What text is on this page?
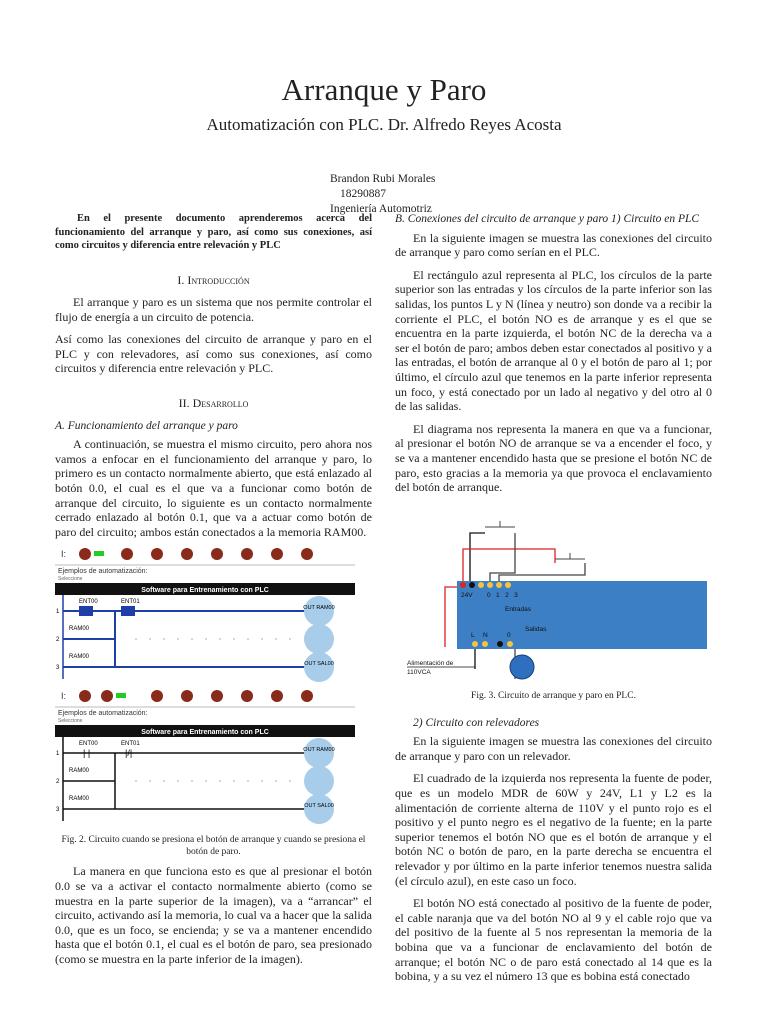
Arranque y Paro
Automatización con PLC. Dr. Alfredo Reyes Acosta
Brandon Rubi Morales
18290887
Ingeniería Automotriz

En el presente documento aprenderemos acerca del funcionamiento del arranque y paro, así como sus conexiones, así como circuitos y diferencia entre relevación y PLC

I. Introducción

El arranque y paro es un sistema que nos permite controlar el flujo de energía a un circuito de potencia.

Así como las conexiones del circuito de arranque y paro en el PLC y con relevadores, así como sus conexiones, así como circuitos y diferencia entre relevación y PLC.

II. Desarrollo
A. Funcionamiento del arranque y paro

A continuación, se muestra el mismo circuito, pero ahora nos vamos a enfocar en el funcionamiento del arranque y paro, lo primero es un contacto normalmente abierto, que está enlazado al botón 0.0, el cual es el que va a funcionar como botón de arranque del circuito, lo siguiente es un contacto normalmente cerrado enlazado al botón 0.1, que va a actuar como botón de paro del circuito; ambos están conectados a la memoria RAM00.

I:
Ejemplos de automatización:
Seleccione
Software para Entrenamiento con PLC
1
ENT00	ENT01
OUT RAM00
2
RAM00
3
RAM00
OUT SAL00
I:
Ejemplos de automatización:
Seleccione
Software para Entrenamiento con PLC
1
ENT00	ENT01
| |	|/|	OUT RAM00
2
RAM00
3
RAM00
OUT SAL00
Fig. 2. Circuito cuando se presiona el botón de arranque y cuando se presiona el botón de paro.

La manera en que funciona esto es que al presionar el botón 0.0 se va a activar el contacto normalmente abierto (como se muestra en la parte superior de la imagen), va a “arrancar” el circuito, activando así la memoria, lo cual va a hacer que la salida 0.0, que es un foco, se encienda; y se va a mantener encendido hasta que el botón 0.1, el cual es el botón de paro, sea presionado (como se muestra en la parte inferior de la imagen).

B. Conexiones del circuito de arranque y paro 1) Circuito en PLC

En la siguiente imagen se muestra las conexiones del circuito de arranque y paro como serían en el PLC.

El rectángulo azul representa al PLC, los círculos de la parte superior son las entradas y los círculos de la parte inferior son las salidas, los puntos L y N (línea y neutro) son donde va a recibir la corriente el PLC, el botón NO es de arranque y es el que se encuentra en la parte izquierda, el botón NC de la derecha va a ser el botón de paro; ambos deben estar conectados al positivo y a las entradas, el botón de arranque al 0 y el botón de paro al 1; por último, el círculo azul que tenemos en la parte inferior representa un foco, y está conectado por un lado al negativo y del otro al 0 de las salidas.

El diagrama nos representa la manera en que va a funcionar, al presionar el botón NO de arranque se va a encender el foco, y se va a mantener encendido hasta que se presione el botón NC de paro, esto gracias a la memoria ya que provoca el enclavamiento del botón de arranque.

24V 0   1   2   3
Entradas
Salidas
L N	0
Alimentación de
110VCA
Fig. 3. Circuito de arranque y paro en PLC.
2) Circuito con relevadores

En la siguiente imagen se muestra las conexiones del circuito de arranque y paro con un relevador.

El cuadrado de la izquierda nos representa la fuente de poder, que es un modelo MDR de 60W y 24V, L1 y L2 es la alimentación de corriente alterna de 110V y el punto rojo es el positivo y el punto negro es el negativo de la fuente; en la parte superior tenemos el botón NO que es el botón de arranque y el botón NC o botón de paro, en la parte derecha se encuentra el relevador y por último en la parte inferior tenemos nuestra salida (el círculo azul), en este caso un foco.

El botón NO está conectado al positivo de la fuente de poder, el cable naranja que va del botón NO al 9 y el cable rojo que va del positivo de la fuente al 5 nos representan la memoria de la bobina que va a funcionar de enclavamiento del botón de arranque; el botón NC o de paro está conectado al 14 que es la bobina, y a su vez el número 13 que es bobina está conectado
